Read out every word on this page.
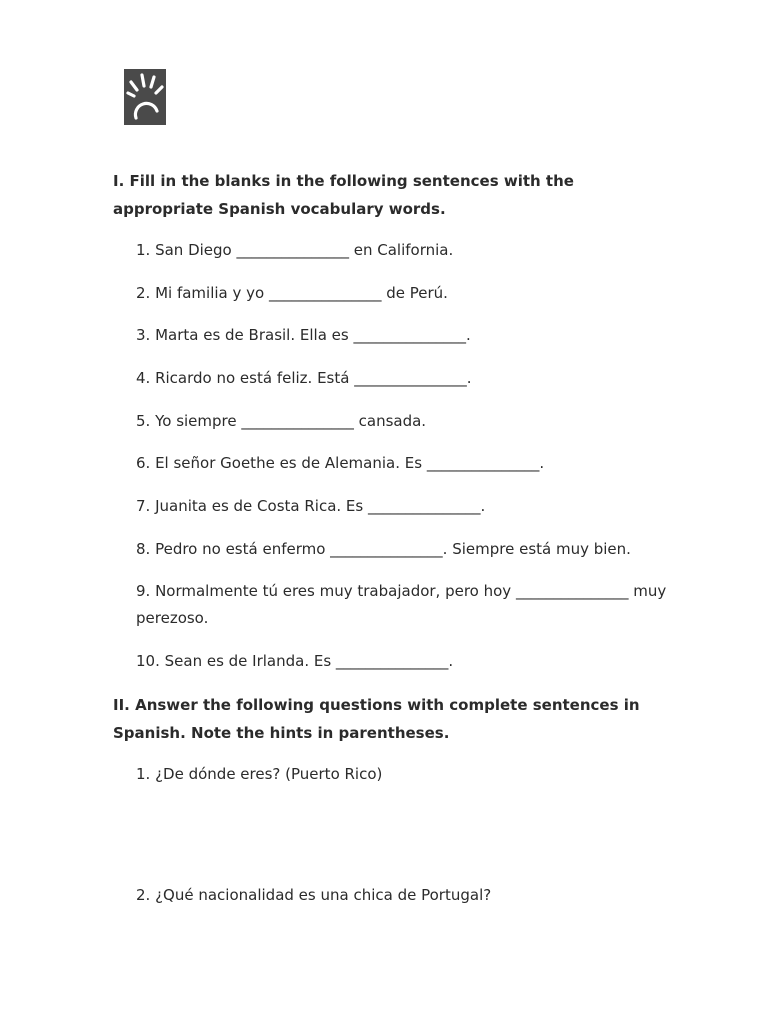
I. Fill in the blanks in the following sentences with the appropriate Spanish vocabulary words.

1. San Diego _______________ en California.

2. Mi familia y yo _______________ de Perú.

3. Marta es de Brasil. Ella es _______________.

4. Ricardo no está feliz. Está _______________.

5. Yo siempre _______________ cansada.

6. El señor Goethe es de Alemania. Es _______________.

7. Juanita es de Costa Rica. Es _______________.

8. Pedro no está enfermo _______________. Siempre está muy bien.

9. Normalmente tú eres muy trabajador, pero hoy _______________ muy perezoso.

10. Sean es de Irlanda. Es _______________.

II. Answer the following questions with complete sentences in Spanish. Note the hints in parentheses.

1. ¿De dónde eres? (Puerto Rico)

2. ¿Qué nacionalidad es una chica de Portugal?
